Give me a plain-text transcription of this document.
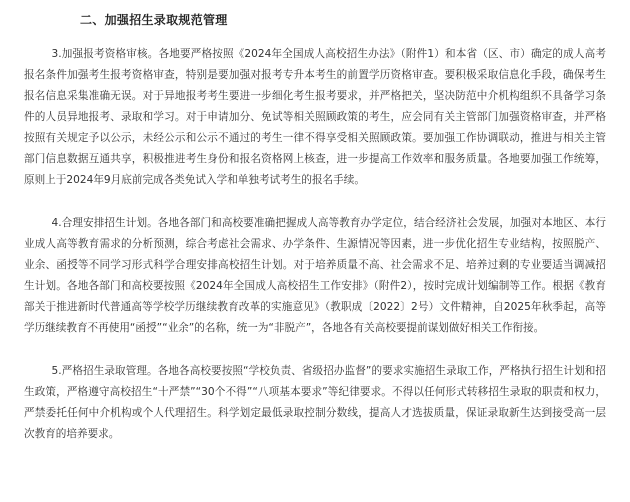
二、加强招生录取规范管理

3.加强报考资格审核。各地要严格按照《2024年全国成人高校招生办法》（附件1）和本省（区、市）确定的成人高考报名条件加强考生报考资格审查，特别是要加强对报考专升本考生的前置学历资格审查。要积极采取信息化手段，确保考生报名信息采集准确无误。对于异地报考考生要进一步细化考生报考要求，并严格把关，坚决防范中介机构组织不具备学习条件的人员异地报考、录取和学习。对于申请加分、免试等相关照顾政策的考生，应会同有关主管部门加强资格审查，并严格按照有关规定予以公示，未经公示和公示不通过的考生一律不得享受相关照顾政策。要加强工作协调联动，推进与相关主管部门信息数据互通共享，积极推进考生身份和报名资格网上核查，进一步提高工作效率和服务质量。各地要加强工作统筹，原则上于2024年9月底前完成各类免试入学和单独考试考生的报名手续。

4.合理安排招生计划。各地各部门和高校要准确把握成人高等教育办学定位，结合经济社会发展，加强对本地区、本行业成人高等教育需求的分析预测，综合考虑社会需求、办学条件、生源情况等因素，进一步优化招生专业结构，按照脱产、业余、函授等不同学习形式科学合理安排高校招生计划。对于培养质量不高、社会需求不足、培养过剩的专业要适当调减招生计划。各地各部门和高校要按照《2024年全国成人高校招生工作安排》（附件2），按时完成计划编制等工作。根据《教育部关于推进新时代普通高等学校学历继续教育改革的实施意见》（教职成〔2022〕2号）文件精神，自2025年秋季起，高等学历继续教育不再使用“函授”“业余”的名称，统一为“非脱产”，各地各有关高校要提前谋划做好相关工作衔接。

5.严格招生录取管理。各地各高校要按照“学校负责、省级招办监督”的要求实施招生录取工作，严格执行招生计划和招生政策，严格遵守高校招生“十严禁”“30个不得”“八项基本要求”等纪律要求。不得以任何形式转移招生录取的职责和权力，严禁委托任何中介机构或个人代理招生。科学划定最低录取控制分数线，提高人才选拔质量，保证录取新生达到接受高一层次教育的培养要求。
